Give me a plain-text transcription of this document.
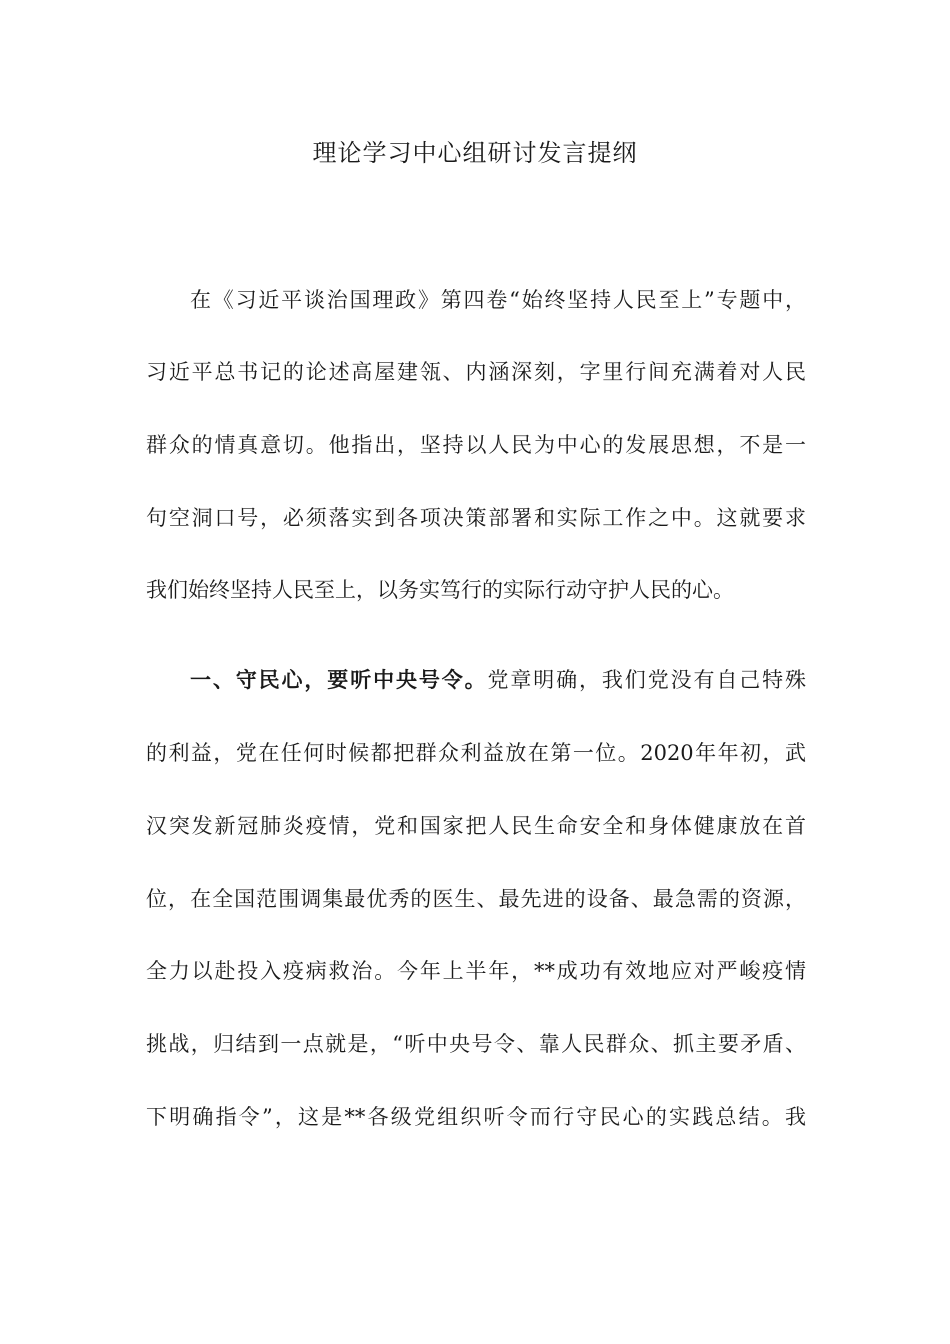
理论学习中心组研讨发言提纲
在《习近平谈治国理政》第四卷“始终坚持人民至上”专题中，
习近平总书记的论述高屋建瓴、内涵深刻，字里行间充满着对人民
群众的情真意切。他指出，坚持以人民为中心的发展思想，不是一
句空洞口号，必须落实到各项决策部署和实际工作之中。这就要求
我们始终坚持人民至上，以务实笃行的实际行动守护人民的心。
一、守民心，要听中央号令。党章明确，我们党没有自己特殊
的利益，党在任何时候都把群众利益放在第一位。2020年年初，武
汉突发新冠肺炎疫情，党和国家把人民生命安全和身体健康放在首
位，在全国范围调集最优秀的医生、最先进的设备、最急需的资源，
全力以赴投入疫病救治。今年上半年，**成功有效地应对严峻疫情
挑战，归结到一点就是，“听中央号令、靠人民群众、抓主要矛盾、
下明确指令”，这是**各级党组织听令而行守民心的实践总结。我
